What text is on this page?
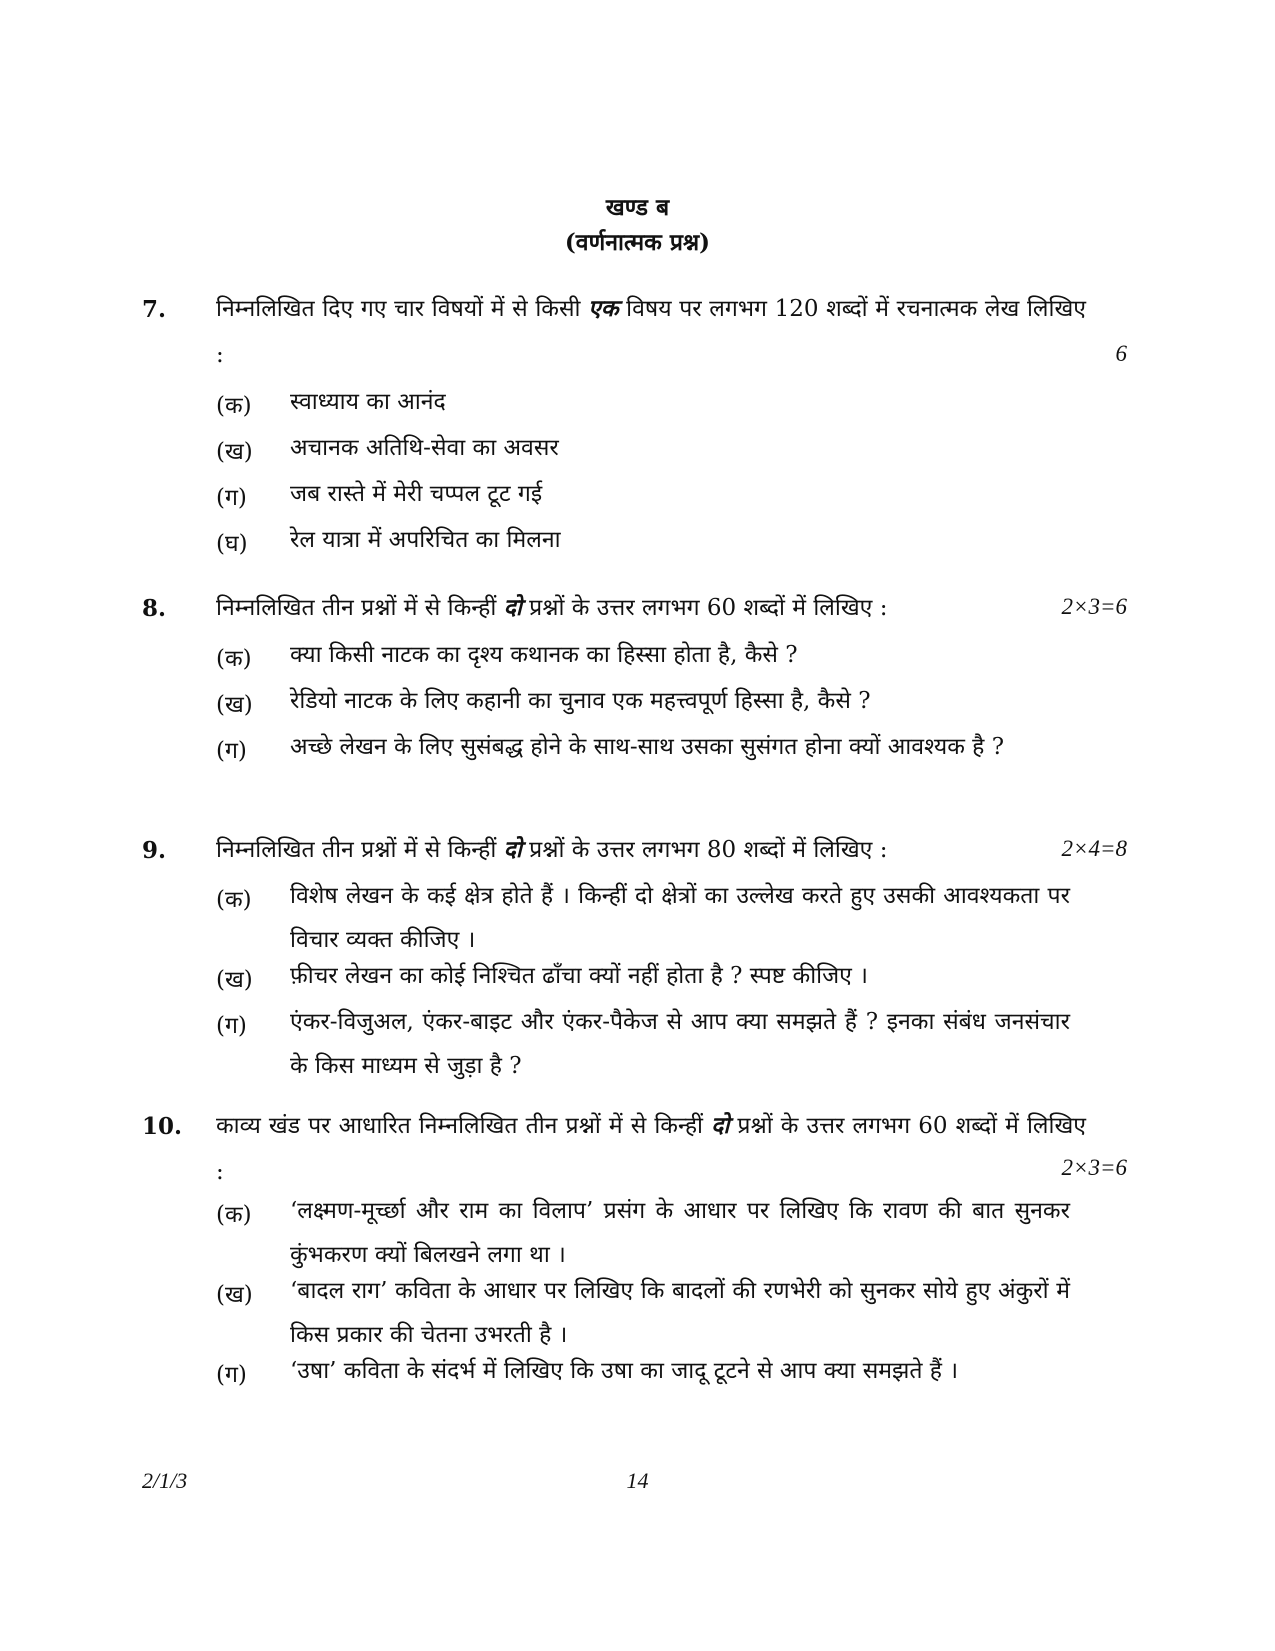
खण्ड ब
(वर्णनात्मक प्रश्न)
7. निम्नलिखित दिए गए चार विषयों में से किसी एक विषय पर लगभग 120 शब्दों में रचनात्मक लेख लिखिए :	6
(क) स्वाध्याय का आनंद
(ख) अचानक अतिथि-सेवा का अवसर
(ग) जब रास्ते में मेरी चप्पल टूट गई
(घ) रेल यात्रा में अपरिचित का मिलना
8. निम्नलिखित तीन प्रश्नों में से किन्हीं दो प्रश्नों के उत्तर लगभग 60 शब्दों में लिखिए :	2×3=6
(क) क्या किसी नाटक का दृश्य कथानक का हिस्सा होता है, कैसे ?
(ख) रेडियो नाटक के लिए कहानी का चुनाव एक महत्त्वपूर्ण हिस्सा है, कैसे ?
(ग) अच्छे लेखन के लिए सुसंबद्ध होने के साथ-साथ उसका सुसंगत होना क्यों आवश्यक है ?
9. निम्नलिखित तीन प्रश्नों में से किन्हीं दो प्रश्नों के उत्तर लगभग 80 शब्दों में लिखिए :	2×4=8
(क) विशेष लेखन के कई क्षेत्र होते हैं । किन्हीं दो क्षेत्रों का उल्लेख करते हुए उसकी आवश्यकता पर विचार व्यक्त कीजिए ।
(ख) फ़ीचर लेखन का कोई निश्चित ढाँचा क्यों नहीं होता है ? स्पष्ट कीजिए ।
(ग) एंकर-विजुअल, एंकर-बाइट और एंकर-पैकेज से आप क्या समझते हैं ? इनका संबंध जनसंचार के किस माध्यम से जुड़ा है ?
10. काव्य खंड पर आधारित निम्नलिखित तीन प्रश्नों में से किन्हीं दो प्रश्नों के उत्तर लगभग 60 शब्दों में लिखिए :	2×3=6
(क) ‘लक्ष्मण-मूर्च्छा और राम का विलाप’ प्रसंग के आधार पर लिखिए कि रावण की बात सुनकर कुंभकरण क्यों बिलखने लगा था ।
(ख) ‘बादल राग’ कविता के आधार पर लिखिए कि बादलों की रणभेरी को सुनकर सोये हुए अंकुरों में किस प्रकार की चेतना उभरती है ।
(ग) ‘उषा’ कविता के संदर्भ में लिखिए कि उषा का जादू टूटने से आप क्या समझते हैं ।
2/1/3	14
